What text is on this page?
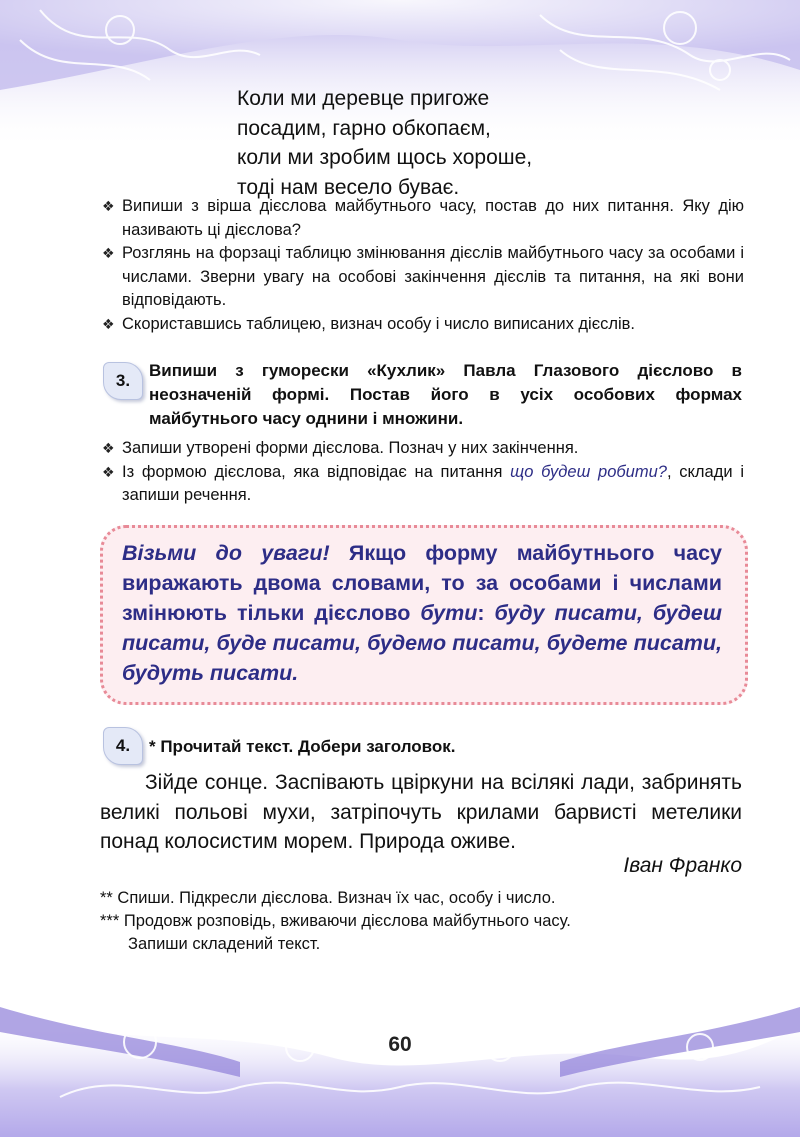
Коли ми деревце пригоже
посадим, гарно обкопаєм,
коли ми зробим щось хороше,
тоді нам весело буває.
❖ Випиши з вірша дієслова майбутнього часу, постав до них питання. Яку дію називають ці дієслова?
❖ Розглянь на форзаці таблицю змінювання дієслів майбутнього часу за особами і числами. Зверни увагу на особові закінчення дієслів та питання, на які вони відповідають.
❖ Скориставшись таблицею, визнач особу і число виписаних дієслів.
3.
Випиши з гуморески «Кухлик» Павла Глазового дієслово в неозначеній формі. Постав його в усіх особових формах майбутнього часу однини і множини.
❖ Запиши утворені форми дієслова. Познач у них закінчення.
❖ Із формою дієслова, яка відповідає на питання що будеш робити?, склади і запиши речення.
Візьми до уваги! Якщо форму майбутнього часу виражають двома словами, то за особами і числами змінюють тільки дієслово бути: буду писати, будеш писати, буде писати, будемо писати, будете писати, будуть писати.
4.	* Прочитай текст. Добери заголовок.
Зійде сонце. Заспівають цвіркуни на всілякі лади, забринять великі польові мухи, затріпочуть крилами барвисті метелики понад колосистим морем. Природа оживе.
Іван Франко
** Спиши. Підкресли дієслова. Визнач їх час, особу і число.
*** Продовж розповідь, вживаючи дієслова майбутнього часу.
Запиши складений текст.
60
